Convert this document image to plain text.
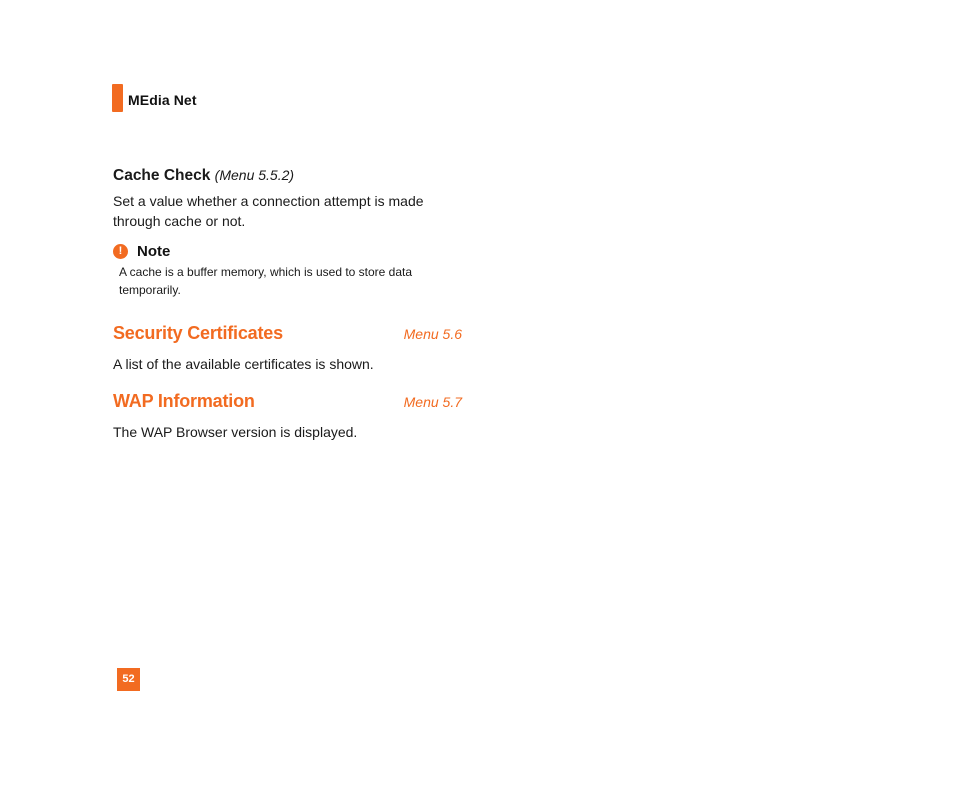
MEdia Net
Cache Check (Menu 5.5.2)

Set a value whether a connection attempt is made
through cache or not.

! Note

A cache is a buffer memory, which is used to store data
temporarily.

Security Certificates	Menu 5.6

A list of the available certificates is shown.

WAP Information	Menu 5.7

The WAP Browser version is displayed.

52
